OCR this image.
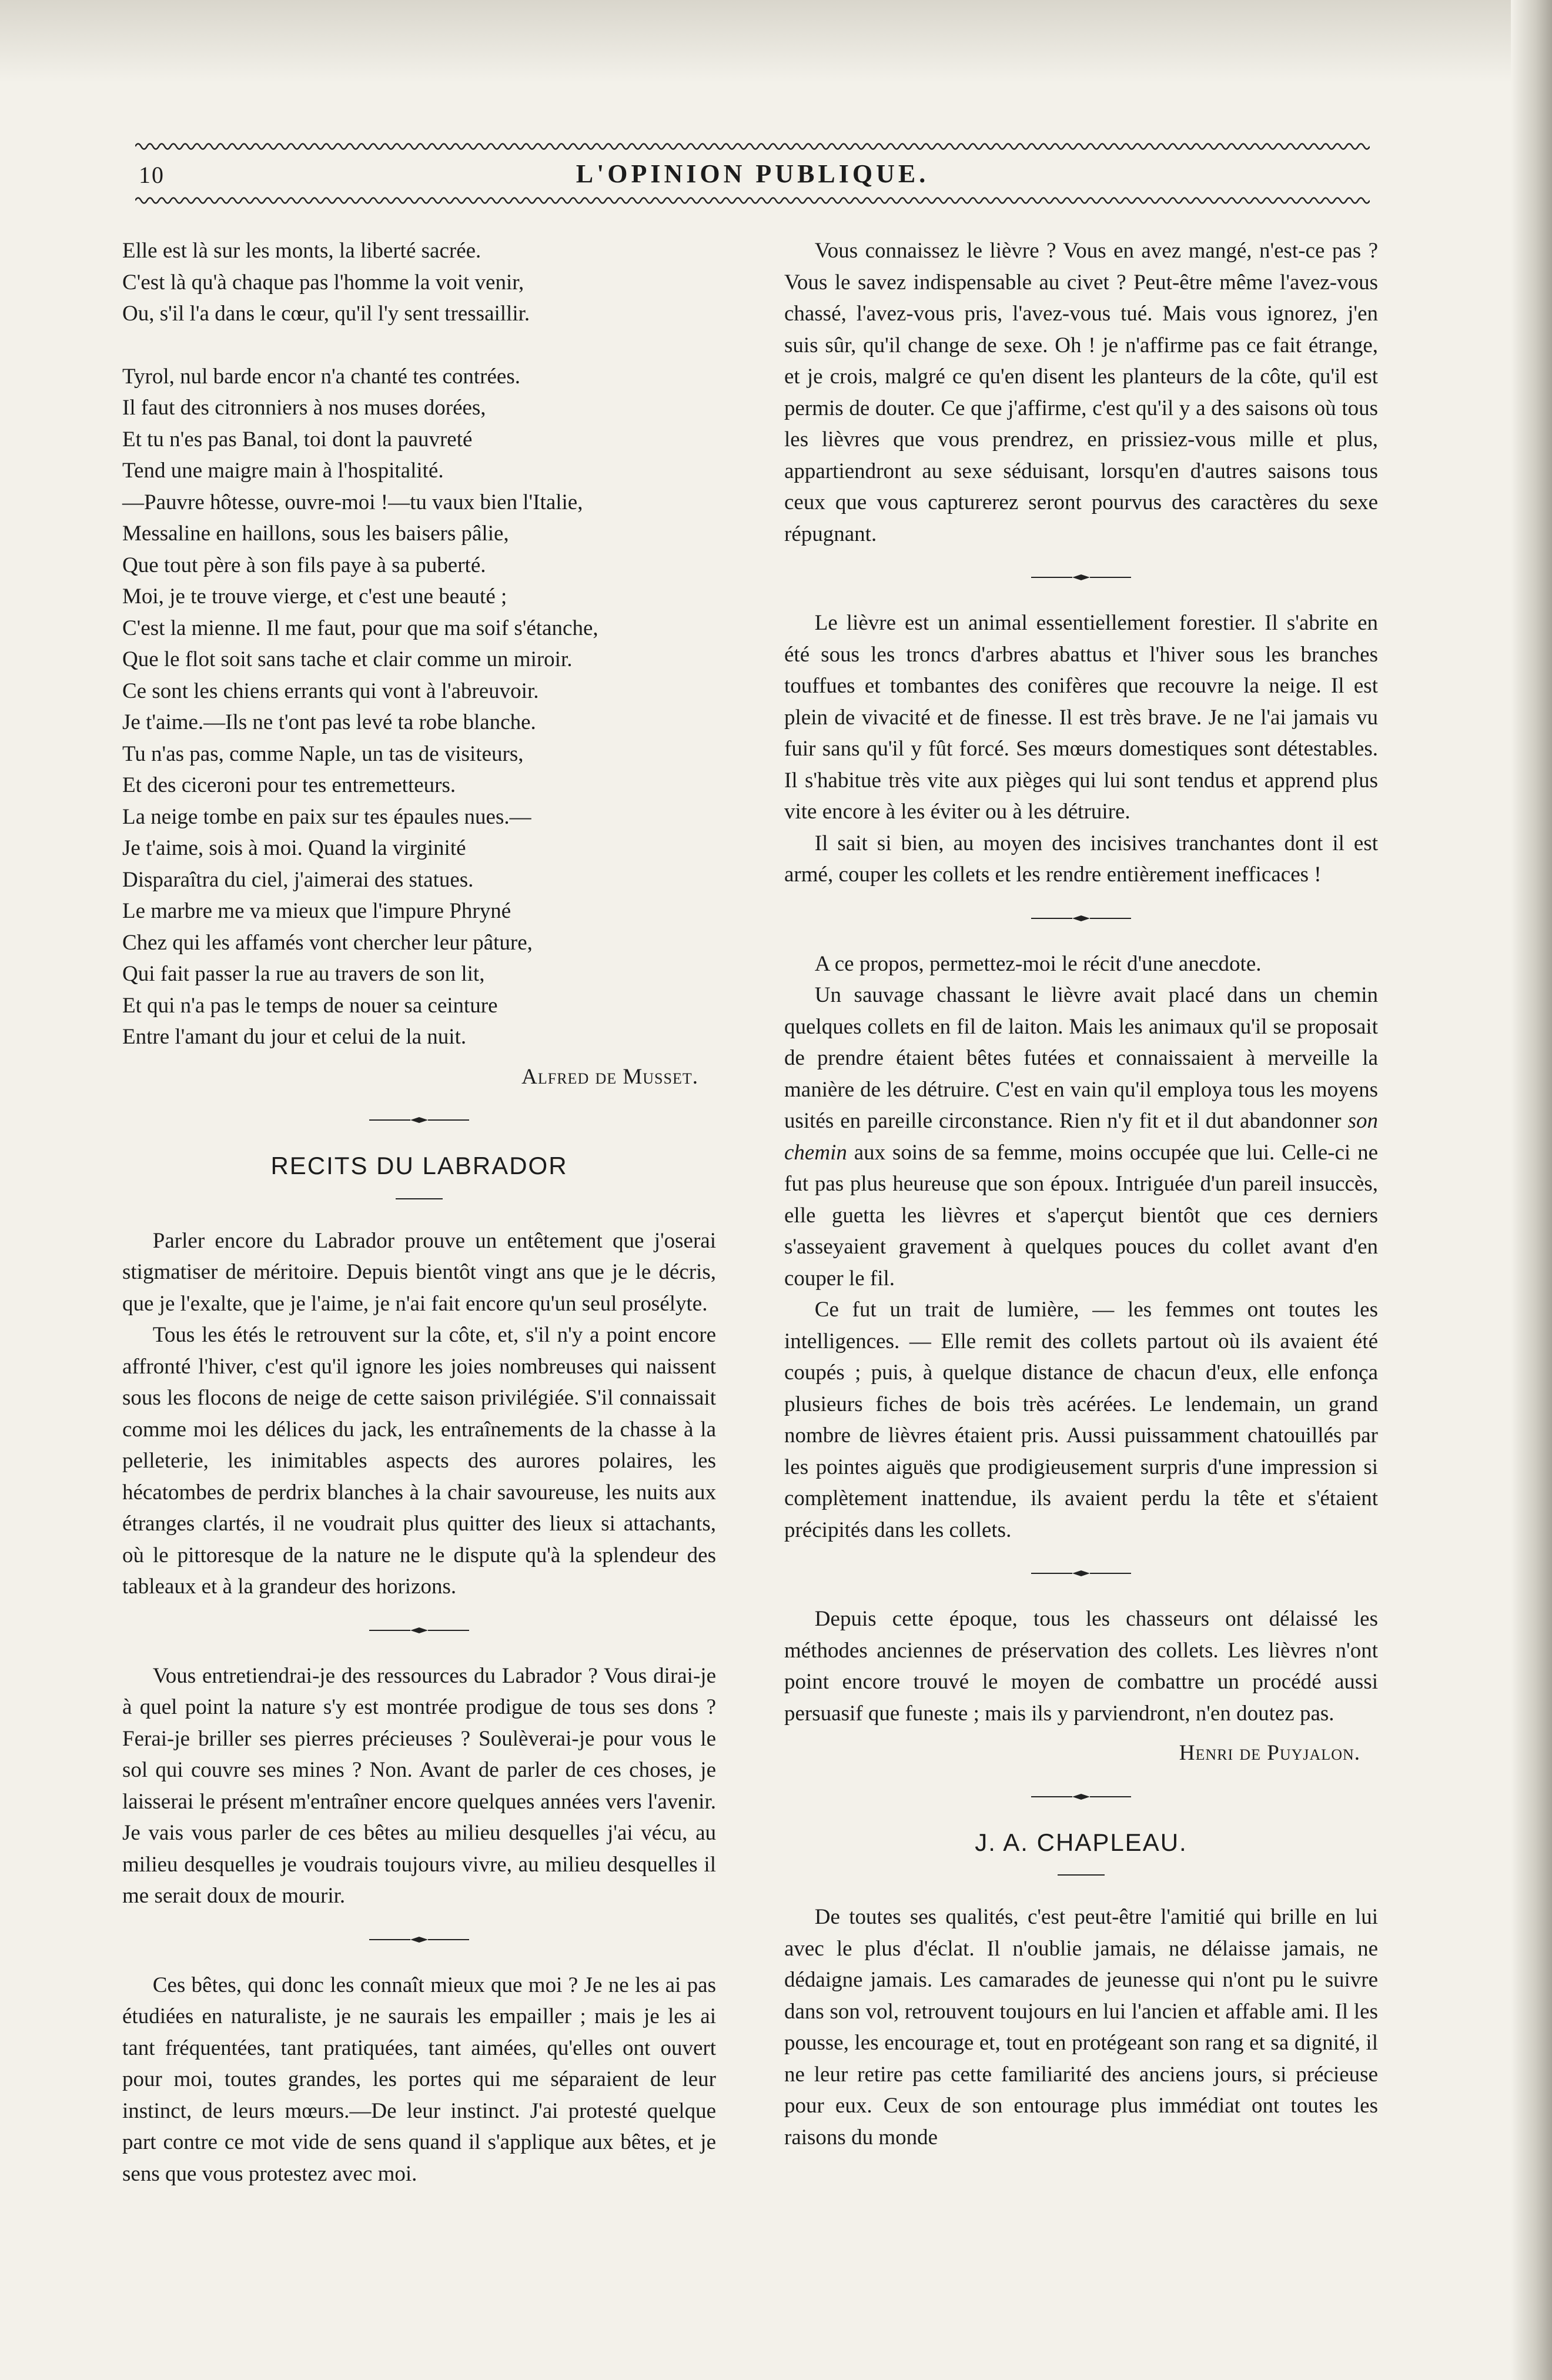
10	L'OPINION PUBLIQUE.
Elle est là sur les monts, la liberté sacrée.
C'est là qu'à chaque pas l'homme la voit venir,
Ou, s'il l'a dans le cœur, qu'il l'y sent tressaillir.
Tyrol, nul barde encor n'a chanté tes contrées.
Il faut des citronniers à nos muses dorées,
Et tu n'es pas Banal, toi dont la pauvreté
Tend une maigre main à l'hospitalité.
—Pauvre hôtesse, ouvre-moi !—tu vaux bien l'Italie,
Messaline en haillons, sous les baisers pâlie,
Que tout père à son fils paye à sa puberté.
Moi, je te trouve vierge, et c'est une beauté ;
C'est la mienne. Il me faut, pour que ma soif s'étanche,
Que le flot soit sans tache et clair comme un miroir.
Ce sont les chiens errants qui vont à l'abreuvoir.
Je t'aime.—Ils ne t'ont pas levé ta robe blanche.
Tu n'as pas, comme Naple, un tas de visiteurs,
Et des ciceroni pour tes entremetteurs.
La neige tombe en paix sur tes épaules nues.—
Je t'aime, sois à moi. Quand la virginité
Disparaîtra du ciel, j'aimerai des statues.
Le marbre me va mieux que l'impure Phryné
Chez qui les affamés vont chercher leur pâture,
Qui fait passer la rue au travers de son lit,
Et qui n'a pas le temps de nouer sa ceinture
Entre l'amant du jour et celui de la nuit.
Alfred de Musset.
RECITS DU LABRADOR

Parler encore du Labrador prouve un entêtement que j'oserai stigmatiser de méritoire. Depuis bientôt vingt ans que je le décris, que je l'exalte, que je l'aime, je n'ai fait encore qu'un seul prosélyte.

Tous les étés le retrouvent sur la côte, et, s'il n'y a point encore affronté l'hiver, c'est qu'il ignore les joies nombreuses qui naissent sous les flocons de neige de cette saison privilégiée. S'il connaissait comme moi les délices du jack, les entraînements de la chasse à la pelleterie, les inimitables aspects des aurores polaires, les hécatombes de perdrix blanches à la chair savoureuse, les nuits aux étranges clartés, il ne voudrait plus quitter des lieux si attachants, où le pittoresque de la nature ne le dispute qu'à la splendeur des tableaux et à la grandeur des horizons.

Vous entretiendrai-je des ressources du Labrador ? Vous dirai-je à quel point la nature s'y est montrée prodigue de tous ses dons ? Ferai-je briller ses pierres précieuses ? Soulèverai-je pour vous le sol qui couvre ses mines ? Non. Avant de parler de ces choses, je laisserai le présent m'entraîner encore quelques années vers l'avenir. Je vais vous parler de ces bêtes au milieu desquelles j'ai vécu, au milieu desquelles je voudrais toujours vivre, au milieu desquelles il me serait doux de mourir.

Ces bêtes, qui donc les connaît mieux que moi ? Je ne les ai pas étudiées en naturaliste, je ne saurais les empailler ; mais je les ai tant fréquentées, tant pratiquées, tant aimées, qu'elles ont ouvert pour moi, toutes grandes, les portes qui me séparaient de leur instinct, de leurs mœurs.—De leur instinct. J'ai protesté quelque part contre ce mot vide de sens quand il s'applique aux bêtes, et je sens que vous protestez avec moi.

Vous connaissez le lièvre ? Vous en avez mangé, n'est-ce pas ? Vous le savez indispensable au civet ? Peut-être même l'avez-vous chassé, l'avez-vous pris, l'avez-vous tué. Mais vous ignorez, j'en suis sûr, qu'il change de sexe. Oh ! je n'affirme pas ce fait étrange, et je crois, malgré ce qu'en disent les planteurs de la côte, qu'il est permis de douter. Ce que j'affirme, c'est qu'il y a des saisons où tous les lièvres que vous prendrez, en prissiez-vous mille et plus, appartiendront au sexe séduisant, lorsqu'en d'autres saisons tous ceux que vous capturerez seront pourvus des caractères du sexe répugnant.

Le lièvre est un animal essentiellement forestier. Il s'abrite en été sous les troncs d'arbres abattus et l'hiver sous les branches touffues et tombantes des conifères que recouvre la neige. Il est plein de vivacité et de finesse. Il est très brave. Je ne l'ai jamais vu fuir sans qu'il y fût forcé. Ses mœurs domestiques sont détestables. Il s'habitue très vite aux pièges qui lui sont tendus et apprend plus vite encore à les éviter ou à les détruire.

Il sait si bien, au moyen des incisives tranchantes dont il est armé, couper les collets et les rendre entièrement inefficaces !

A ce propos, permettez-moi le récit d'une anecdote.

Un sauvage chassant le lièvre avait placé dans un chemin quelques collets en fil de laiton. Mais les animaux qu'il se proposait de prendre étaient bêtes futées et connaissaient à merveille la manière de les détruire. C'est en vain qu'il employa tous les moyens usités en pareille circonstance. Rien n'y fit et il dut abandonner son chemin aux soins de sa femme, moins occupée que lui. Celle-ci ne fut pas plus heureuse que son époux. Intriguée d'un pareil insuccès, elle guetta les lièvres et s'aperçut bientôt que ces derniers s'asseyaient gravement à quelques pouces du collet avant d'en couper le fil.

Ce fut un trait de lumière, — les femmes ont toutes les intelligences. — Elle remit des collets partout où ils avaient été coupés ; puis, à quelque distance de chacun d'eux, elle enfonça plusieurs fiches de bois très acérées. Le lendemain, un grand nombre de lièvres étaient pris. Aussi puissamment chatouillés par les pointes aiguës que prodigieusement surpris d'une impression si complètement inattendue, ils avaient perdu la tête et s'étaient précipités dans les collets.

Depuis cette époque, tous les chasseurs ont délaissé les méthodes anciennes de préservation des collets. Les lièvres n'ont point encore trouvé le moyen de combattre un procédé aussi persuasif que funeste ; mais ils y parviendront, n'en doutez pas.

Henri de Puyjalon.
J. A. CHAPLEAU.

De toutes ses qualités, c'est peut-être l'amitié qui brille en lui avec le plus d'éclat. Il n'oublie jamais, ne délaisse jamais, ne dédaigne jamais. Les camarades de jeunesse qui n'ont pu le suivre dans son vol, retrouvent toujours en lui l'ancien et affable ami. Il les pousse, les encourage et, tout en protégeant son rang et sa dignité, il ne leur retire pas cette familiarité des anciens jours, si précieuse pour eux. Ceux de son entourage plus immédiat ont toutes les raisons du monde
